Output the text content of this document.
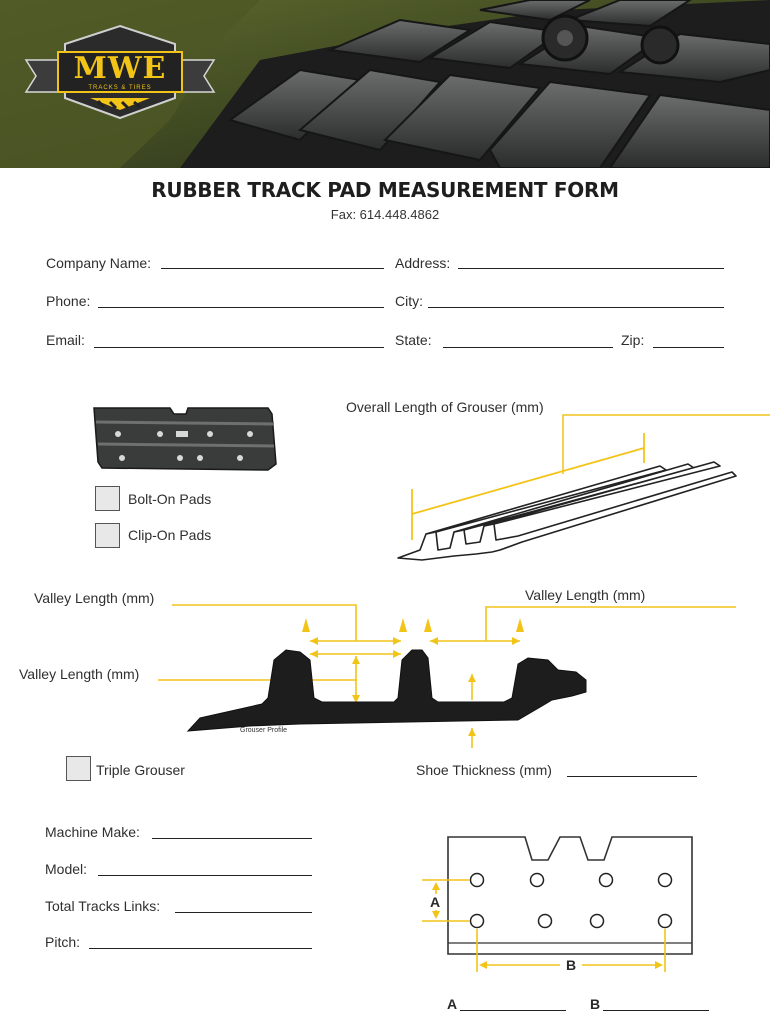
MWE
TRACKS & TIRES
RUBBER TRACK PAD MEASUREMENT FORM
Fax: 614.448.4862
Company Name:	Address:
Phone:	City:
Email:	State:	Zip:
Bolt-On Pads
Clip-On Pads
Overall Length of Grouser (mm)
Valley Length (mm)	Valley Length (mm)
Valley Length (mm)
Grouser Profile
Triple Grouser	Shoe Thickness (mm)
Machine Make:
Model:
Total Tracks Links:
Pitch:
A
B
A	B
